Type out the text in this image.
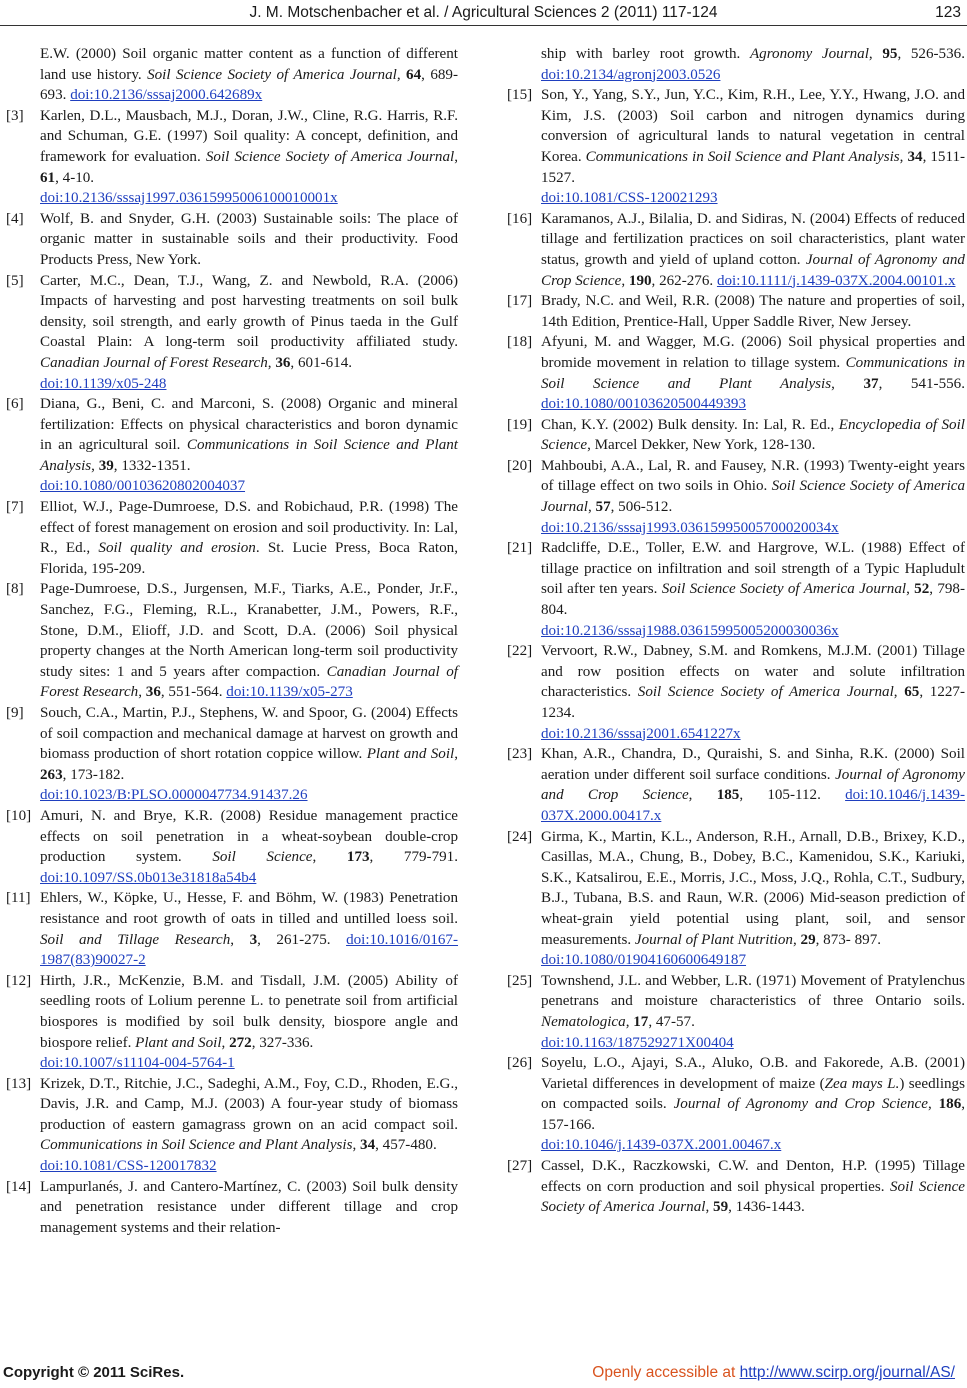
J. M. Motschenbacher et al. / Agricultural Sciences 2 (2011) 117-124	123
E.W. (2000) Soil organic matter content as a function of different land use history. Soil Science Society of America Journal, 64, 689-693. doi:10.2136/sssaj2000.642689x
[3] Karlen, D.L., Mausbach, M.J., Doran, J.W., Cline, R.G. Harris, R.F. and Schuman, G.E. (1997) Soil quality: A concept, definition, and framework for evaluation. Soil Science Society of America Journal, 61, 4-10.
doi:10.2136/sssaj1997.03615995006100010001x
[4] Wolf, B. and Snyder, G.H. (2003) Sustainable soils: The place of organic matter in sustainable soils and their productivity. Food Products Press, New York.
[5] Carter, M.C., Dean, T.J., Wang, Z. and Newbold, R.A. (2006) Impacts of harvesting and post harvesting treatments on soil bulk density, soil strength, and early growth of Pinus taeda in the Gulf Coastal Plain: A long-term soil productivity affiliated study. Canadian Journal of Forest Research, 36, 601-614.
doi:10.1139/x05-248
[6] Diana, G., Beni, C. and Marconi, S. (2008) Organic and mineral fertilization: Effects on physical characteristics and boron dynamic in an agricultural soil. Communications in Soil Science and Plant Analysis, 39, 1332-1351.
doi:10.1080/00103620802004037
[7] Elliot, W.J., Page-Dumroese, D.S. and Robichaud, P.R. (1998) The effect of forest management on erosion and soil productivity. In: Lal, R., Ed., Soil quality and erosion. St. Lucie Press, Boca Raton, Florida, 195-209.
[8] Page-Dumroese, D.S., Jurgensen, M.F., Tiarks, A.E., Ponder, Jr.F., Sanchez, F.G., Fleming, R.L., Kranabetter, J.M., Powers, R.F., Stone, D.M., Elioff, J.D. and Scott, D.A. (2006) Soil physical property changes at the North American long-term soil productivity study sites: 1 and 5 years after compaction. Canadian Journal of Forest Research, 36, 551-564. doi:10.1139/x05-273
[9] Souch, C.A., Martin, P.J., Stephens, W. and Spoor, G. (2004) Effects of soil compaction and mechanical damage at harvest on growth and biomass production of short rotation coppice willow. Plant and Soil, 263, 173-182.
doi:10.1023/B:PLSO.0000047734.91437.26
[10] Amuri, N. and Brye, K.R. (2008) Residue management practice effects on soil penetration in a wheat-soybean double-crop production system. Soil Science, 173, 779-791. doi:10.1097/SS.0b013e31818a54b4
[11] Ehlers, W., Köpke, U., Hesse, F. and Böhm, W. (1983) Penetration resistance and root growth of oats in tilled and untilled loess soil. Soil and Tillage Research, 3, 261-275. doi:10.1016/0167-1987(83)90027-2
[12] Hirth, J.R., McKenzie, B.M. and Tisdall, J.M. (2005) Ability of seedling roots of Lolium perenne L. to penetrate soil from artificial biospores is modified by soil bulk density, biospore angle and biospore relief. Plant and Soil, 272, 327-336.
doi:10.1007/s11104-004-5764-1
[13] Krizek, D.T., Ritchie, J.C., Sadeghi, A.M., Foy, C.D., Rhoden, E.G., Davis, J.R. and Camp, M.J. (2003) A four-year study of biomass production of eastern gamagrass grown on an acid compact soil. Communications in Soil Science and Plant Analysis, 34, 457-480.
doi:10.1081/CSS-120017832
[14] Lampurlanés, J. and Cantero-Martínez, C. (2003) Soil bulk density and penetration resistance under different tillage and crop management systems and their relation-
ship with barley root growth. Agronomy Journal, 95, 526-536. doi:10.2134/agronj2003.0526
[15] Son, Y., Yang, S.Y., Jun, Y.C., Kim, R.H., Lee, Y.Y., Hwang, J.O. and Kim, J.S. (2003) Soil carbon and nitrogen dynamics during conversion of agricultural lands to natural vegetation in central Korea. Communications in Soil Science and Plant Analysis, 34, 1511-1527.
doi:10.1081/CSS-120021293
[16] Karamanos, A.J., Bilalia, D. and Sidiras, N. (2004) Effects of reduced tillage and fertilization practices on soil characteristics, plant water status, growth and yield of upland cotton. Journal of Agronomy and Crop Science, 190, 262-276. doi:10.1111/j.1439-037X.2004.00101.x
[17] Brady, N.C. and Weil, R.R. (2008) The nature and properties of soil, 14th Edition, Prentice-Hall, Upper Saddle River, New Jersey.
[18] Afyuni, M. and Wagger, M.G. (2006) Soil physical properties and bromide movement in relation to tillage system. Communications in Soil Science and Plant Analysis, 37, 541-556. doi:10.1080/00103620500449393
[19] Chan, K.Y. (2002) Bulk density. In: Lal, R. Ed., Encyclopedia of Soil Science, Marcel Dekker, New York, 128-130.
[20] Mahboubi, A.A., Lal, R. and Fausey, N.R. (1993) Twenty-eight years of tillage effect on two soils in Ohio. Soil Science Society of America Journal, 57, 506-512.
doi:10.2136/sssaj1993.03615995005700020034x
[21] Radcliffe, D.E., Toller, E.W. and Hargrove, W.L. (1988) Effect of tillage practice on infiltration and soil strength of a Typic Hapludult soil after ten years. Soil Science Society of America Journal, 52, 798-804.
doi:10.2136/sssaj1988.03615995005200030036x
[22] Vervoort, R.W., Dabney, S.M. and Romkens, M.J.M. (2001) Tillage and row position effects on water and solute infiltration characteristics. Soil Science Society of America Journal, 65, 1227-1234.
doi:10.2136/sssaj2001.6541227x
[23] Khan, A.R., Chandra, D., Quraishi, S. and Sinha, R.K. (2000) Soil aeration under different soil surface conditions. Journal of Agronomy and Crop Science, 185, 105-112. doi:10.1046/j.1439-037X.2000.00417.x
[24] Girma, K., Martin, K.L., Anderson, R.H., Arnall, D.B., Brixey, K.D., Casillas, M.A., Chung, B., Dobey, B.C., Kamenidou, S.K., Kariuki, S.K., Katsalirou, E.E., Morris, J.C., Moss, J.Q., Rohla, C.T., Sudbury, B.J., Tubana, B.S. and Raun, W.R. (2006) Mid-season prediction of wheat-grain yield potential using plant, soil, and sensor measurements. Journal of Plant Nutrition, 29, 873- 897.
doi:10.1080/01904160600649187
[25] Townshend, J.L. and Webber, L.R. (1971) Movement of Pratylenchus penetrans and moisture characteristics of three Ontario soils. Nematologica, 17, 47-57.
doi:10.1163/187529271X00404
[26] Soyelu, L.O., Ajayi, S.A., Aluko, O.B. and Fakorede, A.B. (2001) Varietal differences in development of maize (Zea mays L.) seedlings on compacted soils. Journal of Agronomy and Crop Science, 186, 157-166.
doi:10.1046/j.1439-037X.2001.00467.x
[27] Cassel, D.K., Raczkowski, C.W. and Denton, H.P. (1995) Tillage effects on corn production and soil physical properties. Soil Science Society of America Journal, 59, 1436-1443.
Copyright © 2011 SciRes.	Openly accessible at http://www.scirp.org/journal/AS/
